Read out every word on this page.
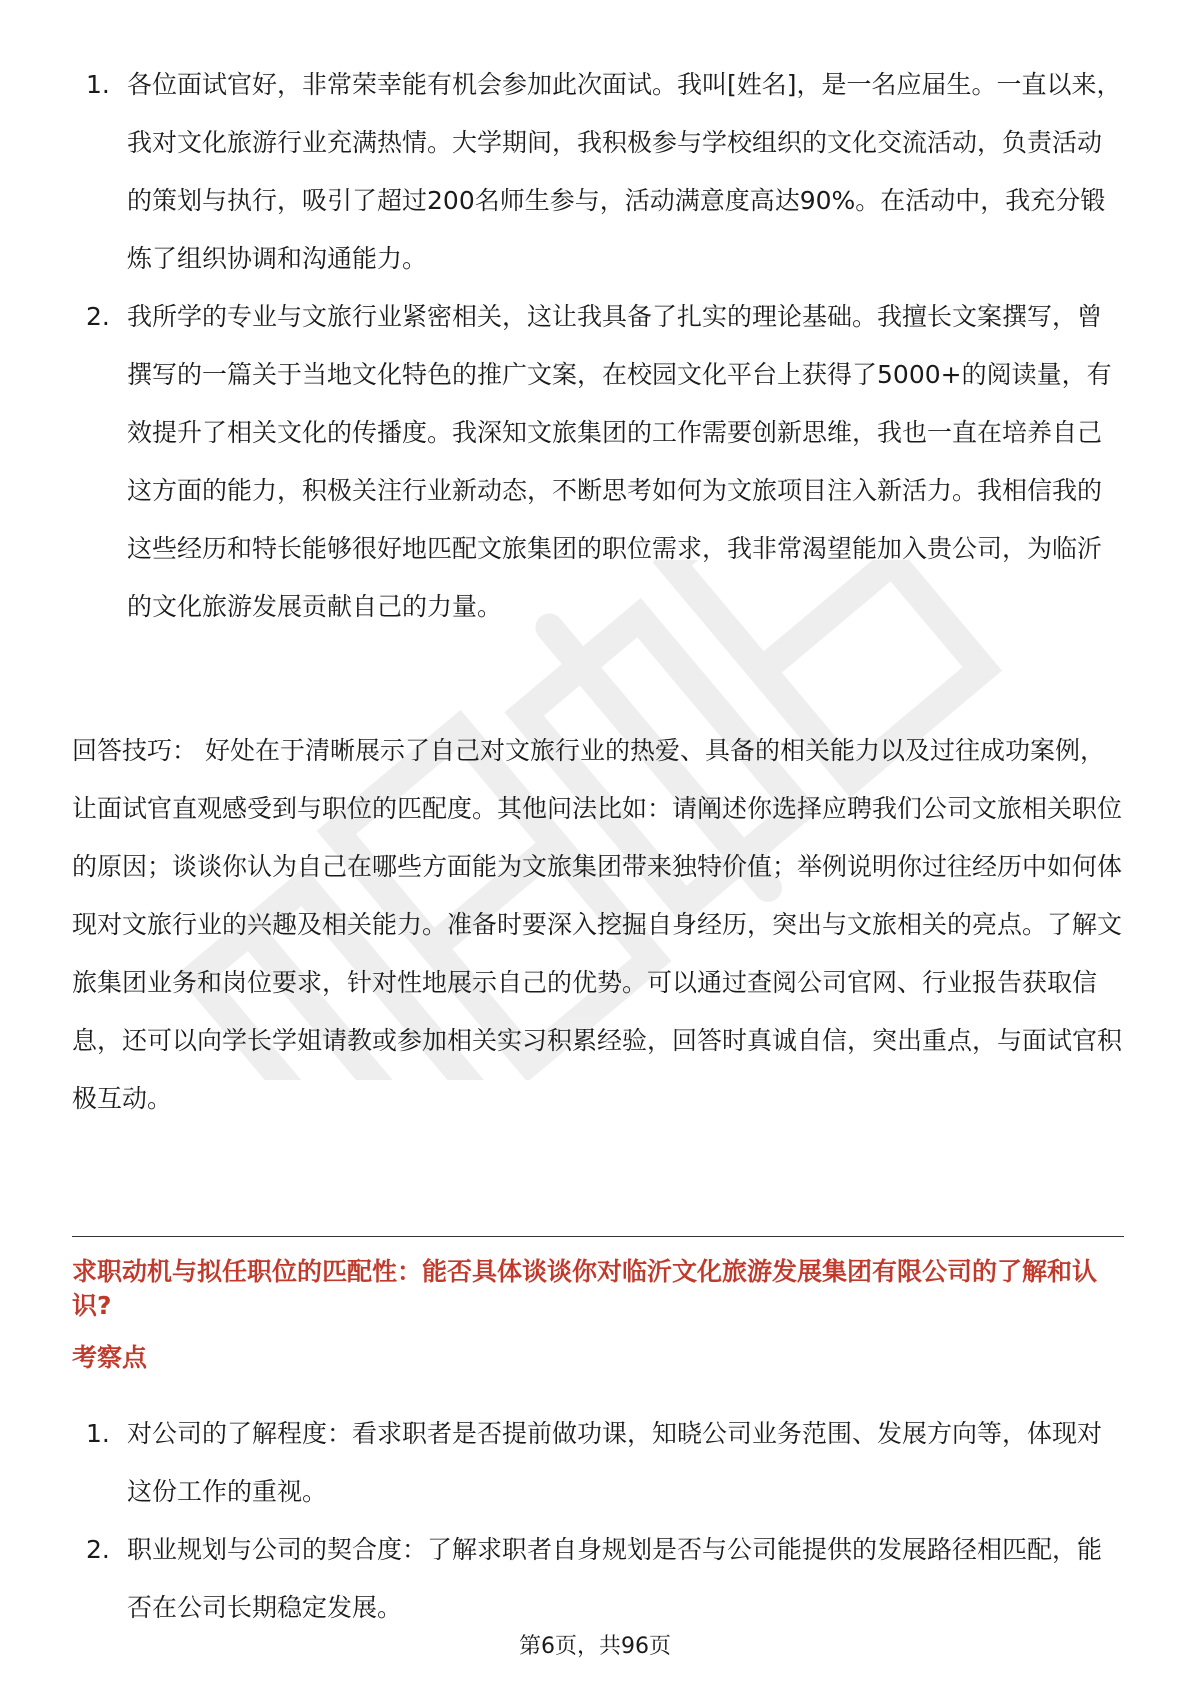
1. 各位面试官好，非常荣幸能有机会参加此次面试。我叫[姓名]，是一名应届生。一直以来，我对文化旅游行业充满热情。大学期间，我积极参与学校组织的文化交流活动，负责活动的策划与执行，吸引了超过200名师生参与，活动满意度高达90%。在活动中，我充分锻炼了组织协调和沟通能力。
2. 我所学的专业与文旅行业紧密相关，这让我具备了扎实的理论基础。我擅长文案撰写，曾撰写的一篇关于当地文化特色的推广文案，在校园文化平台上获得了5000+的阅读量，有效提升了相关文化的传播度。我深知文旅集团的工作需要创新思维，我也一直在培养自己这方面的能力，积极关注行业新动态，不断思考如何为文旅项目注入新活力。我相信我的这些经历和特长能够很好地匹配文旅集团的职位需求，我非常渴望能加入贵公司，为临沂的文化旅游发展贡献自己的力量。

回答技巧： 好处在于清晰展示了自己对文旅行业的热爱、具备的相关能力以及过往成功案例，让面试官直观感受到与职位的匹配度。其他问法比如：请阐述你选择应聘我们公司文旅相关职位的原因；谈谈你认为自己在哪些方面能为文旅集团带来独特价值；举例说明你过往经历中如何体现对文旅行业的兴趣及相关能力。准备时要深入挖掘自身经历，突出与文旅相关的亮点。了解文旅集团业务和岗位要求，针对性地展示自己的优势。可以通过查阅公司官网、行业报告获取信息，还可以向学长学姐请教或参加相关实习积累经验，回答时真诚自信，突出重点，与面试官积极互动。

求职动机与拟任职位的匹配性：能否具体谈谈你对临沂文化旅游发展集团有限公司的了解和认识?
考察点
1. 对公司的了解程度：看求职者是否提前做功课，知晓公司业务范围、发展方向等，体现对这份工作的重视。
2. 职业规划与公司的契合度：了解求职者自身规划是否与公司能提供的发展路径相匹配，能否在公司长期稳定发展。
第6页，共96页
